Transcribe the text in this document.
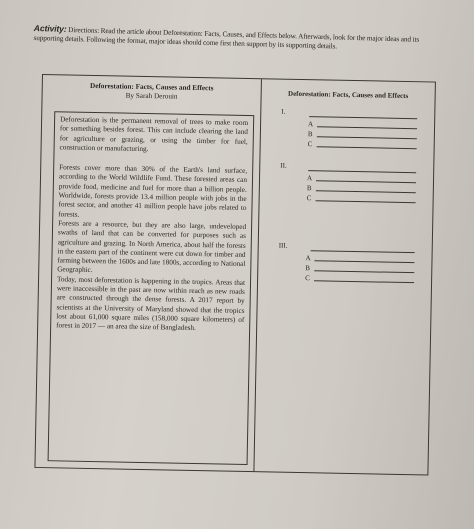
Activity: Directions: Read the article about Deforestation: Facts, Causes, and Effects below. Afterwards, look for the major ideas and its supporting details. Following the format, major ideas should come first then support by its supporting details.
Deforestation: Facts, Causes and Effects
By Sarah Derouin

Deforestation is the permanent removal of trees to make room for something besides forest. This can include clearing the land for agriculture or grazing, or using the timber for fuel, construction or manufacturing.

Forests cover more than 30% of the Earth's land surface, according to the World Wildlife Fund. These forested areas can provide food, medicine and fuel for more than a billion people. Worldwide, forests provide 13.4 million people with jobs in the forest sector, and another 41 million people have jobs related to forests.

Forests are a resource, but they are also large, undeveloped swaths of land that can be converted for purposes such as agriculture and grazing. In North America, about half the forests in the eastern part of the continent were cut down for timber and farming between the 1600s and late 1800s, according to National Geographic.

Today, most deforestation is happening in the tropics. Areas that were inaccessible in the past are now within reach as new roads are constructed through the dense forests. A 2017 report by scientists at the University of Maryland showed that the tropics lost about 61,000 square miles (158,000 square kilometers) of forest in 2017 — an area the size of Bangladesh.

Deforestation: Facts, Causes and Effects
I.
A
B
C
II.
A
B
C
III.
A
B
C
